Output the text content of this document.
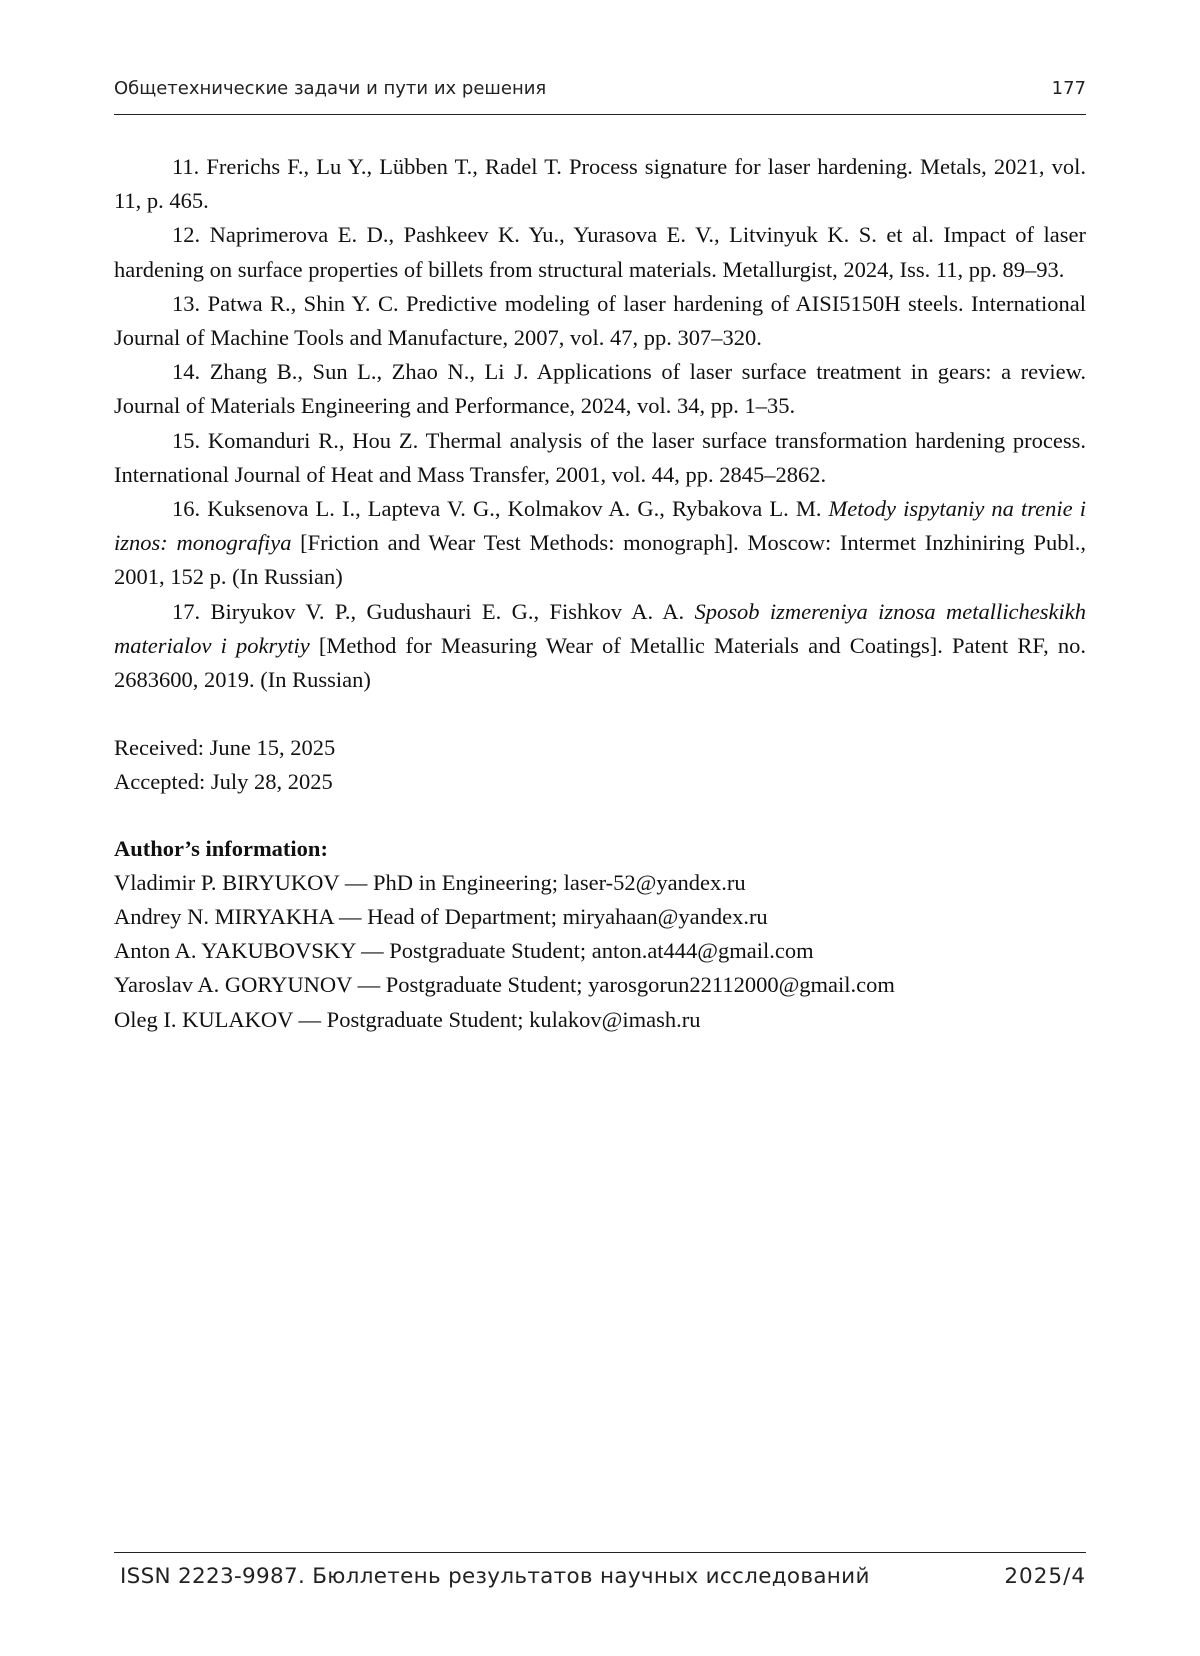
Общетехнические задачи и пути их решения	177

11. Frerichs F., Lu Y., Lübben T., Radel T. Process signature for laser hardening. Metals, 2021, vol. 11, p. 465.

12. Naprimerova E. D., Pashkeev K. Yu., Yurasova E. V., Litvinyuk K. S. et al. Impact of laser hardening on surface properties of billets from structural materials. Metallurgist, 2024, Iss. 11, pp. 89–93.

13. Patwa R., Shin Y. C. Predictive modeling of laser hardening of AISI5150H steels. International Journal of Machine Tools and Manufacture, 2007, vol. 47, pp. 307–320.

14. Zhang B., Sun L., Zhao N., Li J. Applications of laser surface treatment in gears: a review. Journal of Materials Engineering and Performance, 2024, vol. 34, pp. 1–35.

15. Komanduri R., Hou Z. Thermal analysis of the laser surface transformation hardening process. International Journal of Heat and Mass Transfer, 2001, vol. 44, pp. 2845–2862.

16. Kuksenova L. I., Lapteva V. G., Kolmakov A. G., Rybakova L. M. Metody ispytaniy na trenie i iznos: monografiya [Friction and Wear Test Methods: monograph]. Moscow: Intermet Inzhiniring Publ., 2001, 152 p. (In Russian)

17. Biryukov V. P., Gudushauri E. G., Fishkov A. A. Sposob izmereniya iznosa metallicheskikh materialov i pokrytiy [Method for Measuring Wear of Metallic Materials and Coatings]. Patent RF, no. 2683600, 2019. (In Russian)

Received: June 15, 2025
Accepted: July 28, 2025
Author’s information:
Vladimir P. BIRYUKOV — PhD in Engineering; laser-52@yandex.ru
Andrey N. MIRYAKHA — Head of Department; miryahaan@yandex.ru
Anton A. YAKUBOVSKY — Postgraduate Student; anton.at444@gmail.com
Yaroslav A. GORYUNOV — Postgraduate Student; yarosgorun22112000@gmail.com
Oleg I. KULAKOV — Postgraduate Student; kulakov@imash.ru
ISSN 2223-9987. Бюллетень результатов научных исследований	2025/4
